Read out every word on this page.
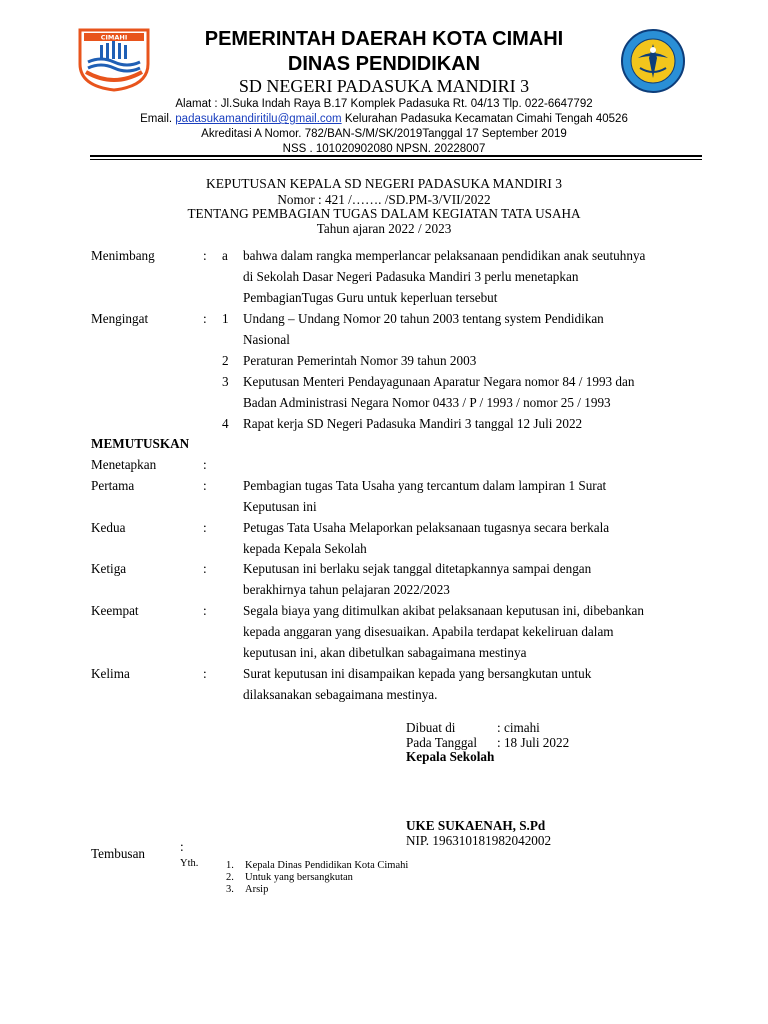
CIMAHI	PEMERINTAH DAERAH KOTA CIMAHI
DINAS PENDIDIKAN
SD NEGERI PADASUKA MANDIRI 3
Alamat : Jl.Suka Indah Raya B.17 Komplek Padasuka Rt. 04/13 Tlp. 022-6647792
Email. padasukamandiritilu@gmail.com Kelurahan Padasuka Kecamatan Cimahi Tengah 40526
Akreditasi A Nomor. 782/BAN-S/M/SK/2019Tanggal 17 September 2019
NSS . 101020902080 NPSN. 20228007
KEPUTUSAN KEPALA SD NEGERI PADASUKA MANDIRI 3
Nomor : 421 /……. /SD.PM-3/VII/2022
TENTANG PEMBAGIAN TUGAS DALAM KEGIATAN TATA USAHA
Tahun ajaran 2022 / 2023
Menimbang	: a bahwa dalam rangka memperlancar pelaksanaan pendidikan anak seutuhnya
di Sekolah Dasar Negeri Padasuka Mandiri 3 perlu menetapkan
PembagianTugas Guru untuk keperluan tersebut
Mengingat	: 1 Undang – Undang Nomor 20 tahun 2003 tentang system Pendidikan
Nasional
2 Peraturan Pemerintah Nomor 39 tahun 2003
3 Keputusan Menteri Pendayagunaan Aparatur Negara nomor 84 / 1993 dan
Badan Administrasi Negara Nomor 0433 / P / 1993 / nomor 25 / 1993
4 Rapat kerja SD Negeri Padasuka Mandiri 3 tanggal 12 Juli 2022
MEMUTUSKAN
Menetapkan	:
Pertama	:	Pembagian tugas Tata Usaha yang tercantum dalam lampiran 1 Surat
Keputusan ini
Kedua	:	Petugas Tata Usaha Melaporkan pelaksanaan tugasnya secara berkala
kepada Kepala Sekolah
Ketiga	:	Keputusan ini berlaku sejak tanggal ditetapkannya sampai dengan
berakhirnya tahun pelajaran 2022/2023
Keempat	:	Segala biaya yang ditimulkan akibat pelaksanaan keputusan ini, dibebankan
kepada anggaran yang disesuaikan. Apabila terdapat kekeliruan dalam
keputusan ini, akan dibetulkan sabagaimana mestinya
Kelima	:	Surat keputusan ini disampaikan kepada yang bersangkutan untuk
dilaksanakan sebagaimana mestinya.
Dibuat di	: cimahi
Pada Tanggal : 18 Juli 2022
Kepala Sekolah
UKE SUKAENAH, S.Pd
NIP. 196310181982042002
Tembusan	:
Yth.	1. Kepala Dinas Pendidikan Kota Cimahi
2. Untuk yang bersangkutan
3. Arsip
